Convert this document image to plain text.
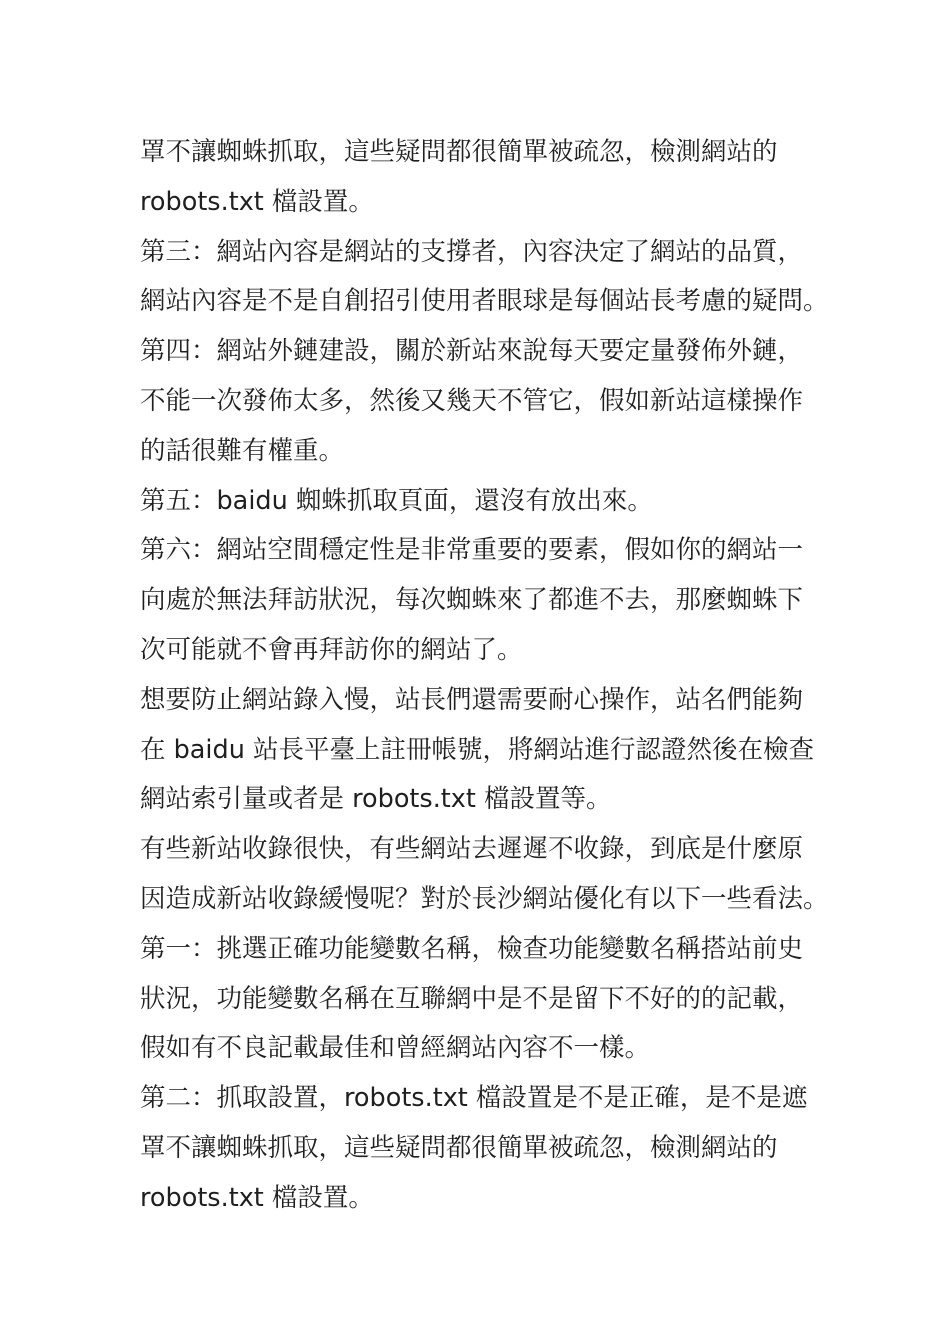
罩不讓蜘蛛抓取，這些疑問都很簡單被疏忽，檢測網站的
robots.txt 檔設置。
第三：網站內容是網站的支撐者，內容決定了網站的品質，
網站內容是不是自創招引使用者眼球是每個站長考慮的疑問。
第四：網站外鏈建設，關於新站來說每天要定量發佈外鏈，
不能一次發佈太多，然後又幾天不管它，假如新站這樣操作
的話很難有權重。
第五：baidu 蜘蛛抓取頁面，還沒有放出來。
第六：網站空間穩定性是非常重要的要素，假如你的網站一
向處於無法拜訪狀況，每次蜘蛛來了都進不去，那麼蜘蛛下
次可能就不會再拜訪你的網站了。
想要防止網站錄入慢，站長們還需要耐心操作，站名們能夠
在 baidu 站長平臺上註冊帳號，將網站進行認證然後在檢查
網站索引量或者是 robots.txt 檔設置等。
有些新站收錄很快，有些網站去遲遲不收錄，到底是什麼原
因造成新站收錄緩慢呢？對於長沙網站優化有以下一些看法。
第一：挑選正確功能變數名稱，檢查功能變數名稱搭站前史
狀況，功能變數名稱在互聯網中是不是留下不好的的記載，
假如有不良記載最佳和曾經網站內容不一樣。
第二：抓取設置，robots.txt 檔設置是不是正確，是不是遮
罩不讓蜘蛛抓取，這些疑問都很簡單被疏忽，檢測網站的
robots.txt 檔設置。
